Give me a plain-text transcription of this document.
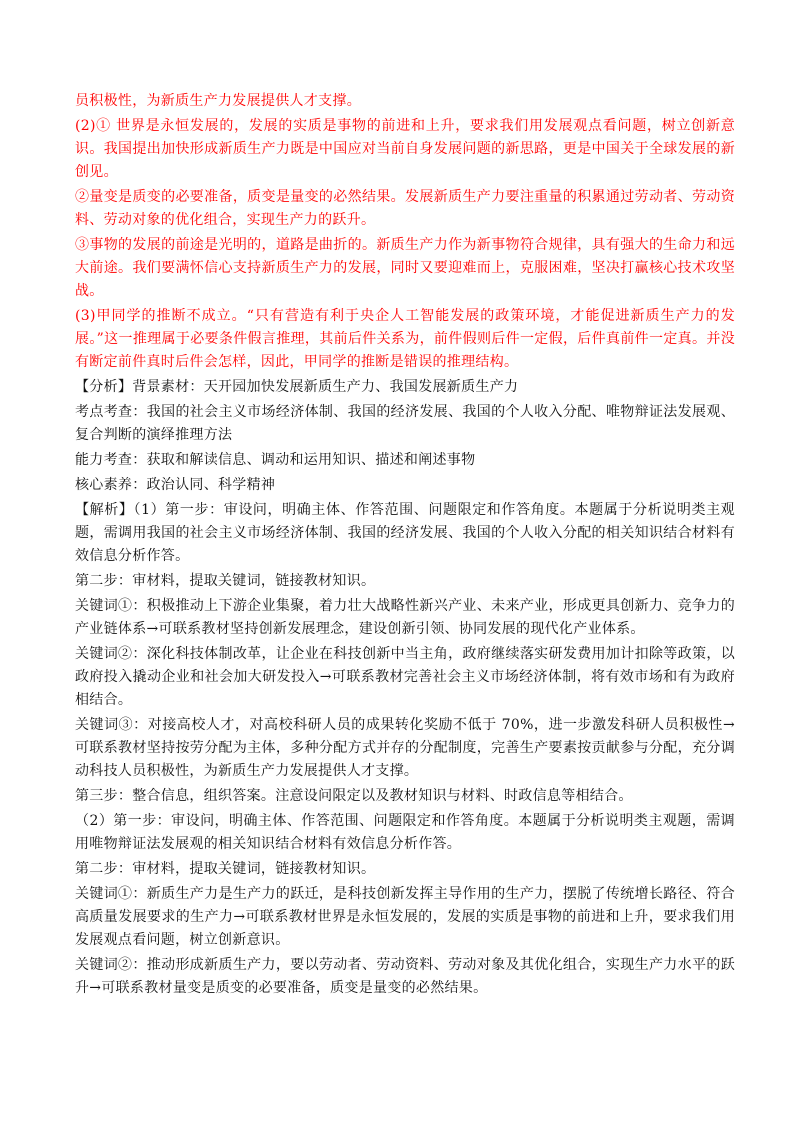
员积极性，为新质生产力发展提供人才支撑。

(2)① 世界是永恒发展的，发展的实质是事物的前进和上升，要求我们用发展观点看问题，树立创新意识。我国提出加快形成新质生产力既是中国应对当前自身发展问题的新思路，更是中国关于全球发展的新创见。

②量变是质变的必要准备，质变是量变的必然结果。发展新质生产力要注重量的积累通过劳动者、劳动资料、劳动对象的优化组合，实现生产力的跃升。

③事物的发展的前途是光明的，道路是曲折的。新质生产力作为新事物符合规律，具有强大的生命力和远大前途。我们要满怀信心支持新质生产力的发展，同时又要迎难而上，克服困难，坚决打赢核心技术攻坚战。

(3)甲同学的推断不成立。“只有营造有利于央企人工智能发展的政策环境，才能促进新质生产力的发展。”这一推理属于必要条件假言推理，其前后件关系为，前件假则后件一定假，后件真前件一定真。并没有断定前件真时后件会怎样，因此，甲同学的推断是错误的推理结构。

【分析】背景素材：天开园加快发展新质生产力、我国发展新质生产力

考点考查：我国的社会主义市场经济体制、我国的经济发展、我国的个人收入分配、唯物辩证法发展观、复合判断的演绎推理方法

能力考查：获取和解读信息、调动和运用知识、描述和阐述事物

核心素养：政治认同、科学精神

【解析】（1）第一步：审设问，明确主体、作答范围、问题限定和作答角度。本题属于分析说明类主观题，需调用我国的社会主义市场经济体制、我国的经济发展、我国的个人收入分配的相关知识结合材料有效信息分析作答。

第二步：审材料，提取关键词，链接教材知识。

关键词①：积极推动上下游企业集聚，着力壮大战略性新兴产业、未来产业，形成更具创新力、竞争力的产业链体系→可联系教材坚持创新发展理念，建设创新引领、协同发展的现代化产业体系。

关键词②：深化科技体制改革，让企业在科技创新中当主角，政府继续落实研发费用加计扣除等政策，以政府投入撬动企业和社会加大研发投入→可联系教材完善社会主义市场经济体制，将有效市场和有为政府相结合。

关键词③：对接高校人才，对高校科研人员的成果转化奖励不低于 70%，进一步激发科研人员积极性→可联系教材坚持按劳分配为主体，多种分配方式并存的分配制度，完善生产要素按贡献参与分配，充分调动科技人员积极性，为新质生产力发展提供人才支撑。

第三步：整合信息，组织答案。注意设问限定以及教材知识与材料、时政信息等相结合。

（2）第一步：审设问，明确主体、作答范围、问题限定和作答角度。本题属于分析说明类主观题，需调用唯物辩证法发展观的相关知识结合材料有效信息分析作答。

第二步：审材料，提取关键词，链接教材知识。

关键词①：新质生产力是生产力的跃迁，是科技创新发挥主导作用的生产力，摆脱了传统增长路径、符合高质量发展要求的生产力→可联系教材世界是永恒发展的，发展的实质是事物的前进和上升，要求我们用发展观点看问题，树立创新意识。

关键词②：推动形成新质生产力，要以劳动者、劳动资料、劳动对象及其优化组合，实现生产力水平的跃升→可联系教材量变是质变的必要准备，质变是量变的必然结果。
